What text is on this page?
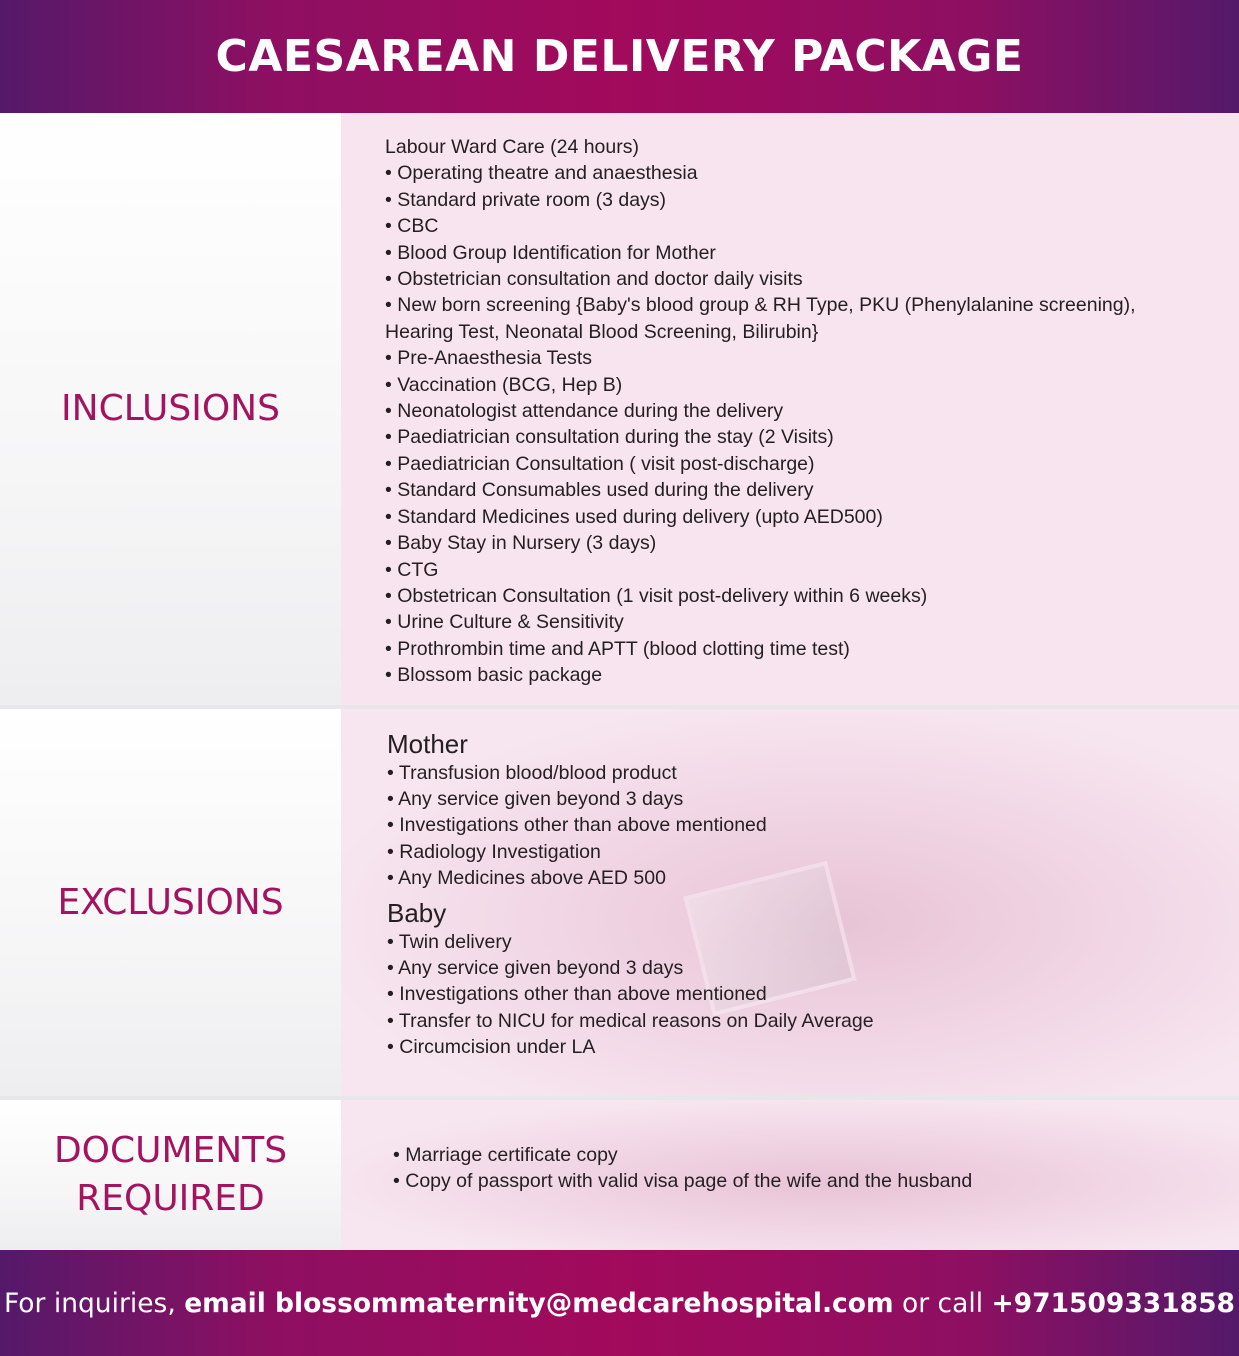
CAESAREAN DELIVERY PACKAGE
INCLUSIONS
Labour Ward Care (24 hours)
• Operating theatre and anaesthesia
• Standard private room (3 days)
• CBC
• Blood Group Identification for Mother
• Obstetrician consultation and doctor daily visits
• New born screening {Baby's blood group & RH Type, PKU (Phenylalanine screening),
Hearing Test, Neonatal Blood Screening, Bilirubin}
• Pre-Anaesthesia Tests
• Vaccination (BCG, Hep B)
• Neonatologist attendance during the delivery
• Paediatrician consultation during the stay (2 Visits)
• Paediatrician Consultation ( visit post-discharge)
• Standard Consumables used during the delivery
• Standard Medicines used during delivery (upto AED500)
• Baby Stay in Nursery (3 days)
• CTG
• Obstetrican Consultation (1 visit post-delivery within 6 weeks)
• Urine Culture & Sensitivity
• Prothrombin time and APTT (blood clotting time test)
• Blossom basic package
EXCLUSIONS

Mother

• Transfusion blood/blood product
• Any service given beyond 3 days
• Investigations other than above mentioned
• Radiology Investigation
• Any Medicines above AED 500

Baby

• Twin delivery
• Any service given beyond 3 days
• Investigations other than above mentioned
• Transfer to NICU for medical reasons on Daily Average
• Circumcision under LA
DOCUMENTS
REQUIRED
• Marriage certificate copy
• Copy of passport with valid visa page of the wife and the husband

For inquiries, email blossommaternity@medcarehospital.com or call +971509331858
